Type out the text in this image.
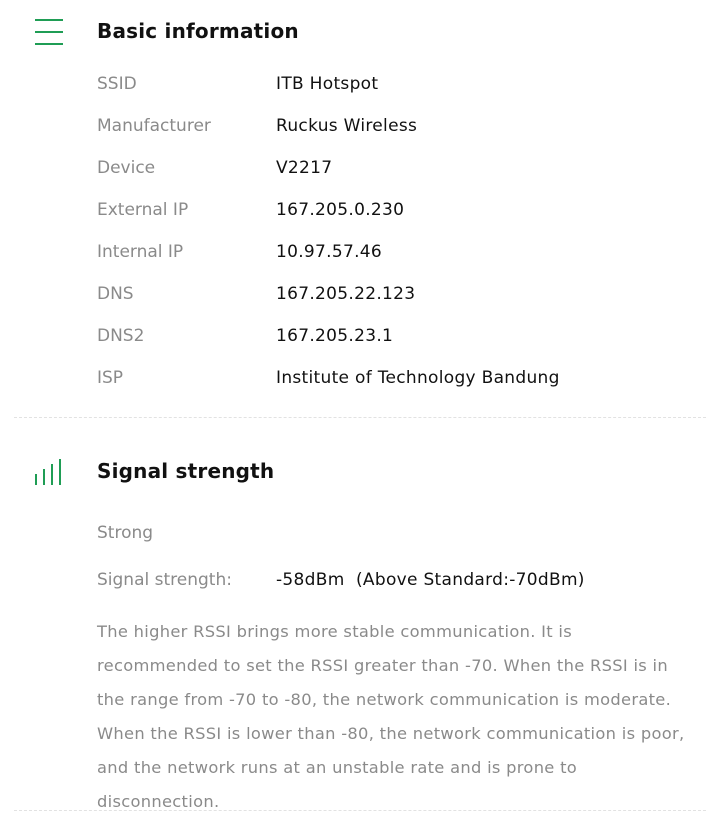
Basic information
SSID	ITB Hotspot
Manufacturer	Ruckus Wireless
Device	V2217
External IP	167.205.0.230
Internal IP	10.97.57.46
DNS	167.205.22.123
DNS2	167.205.23.1
ISP	Institute of Technology Bandung
Signal strength
Strong
Signal strength:	-58dBm  (Above Standard:-70dBm)
The higher RSSI brings more stable communication. It is recommended to set the RSSI greater than -70. When the RSSI is in the range from -70 to -80, the network communication is moderate. When the RSSI is lower than -80, the network communication is poor, and the network runs at an unstable rate and is prone to disconnection.
